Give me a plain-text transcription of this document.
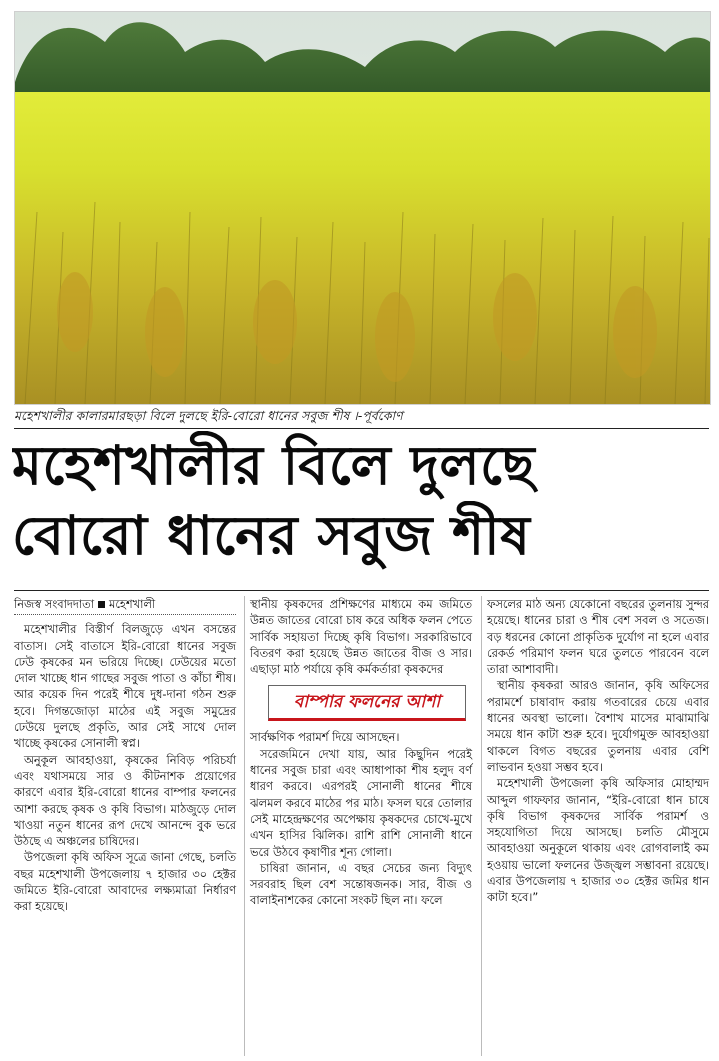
মহেশখালীর কালারমারছড়া বিলে দুলছে ইরি-বোরো ধানের সবুজ শীষ ।-পূর্বকোণ
মহেশখালীর বিলে দুলছে
বোরো ধানের সবুজ শীষ
নিজস্ব সংবাদদাতা মহেশখালী

মহেশখালীর বিস্তীর্ণ বিলজুড়ে এখন বসন্তের বাতাস। সেই বাতাসে ইরি-বোরো ধানের সবুজ ঢেউ কৃষকের মন ভরিয়ে দিচ্ছে। ঢেউয়ের মতো দোল খাচ্ছে ধান গাছের সবুজ পাতা ও কাঁচা শীষ। আর কয়েক দিন পরেই শীষে দুধ-দানা গঠন শুরু হবে। দিগন্তজোড়া মাঠের এই সবুজ সমুদ্রের ঢেউয়ে দুলছে প্রকৃতি, আর সেই সাথে দোল খাচ্ছে কৃষকের সোনালী স্বপ্ন।

অনুকূল আবহাওয়া, কৃষকের নিবিড় পরিচর্যা এবং যথাসময়ে সার ও কীটনাশক প্রয়োগের কারণে এবার ইরি-বোরো ধানের বাম্পার ফলনের আশা করছে কৃষক ও কৃষি বিভাগ। মাঠজুড়ে দোল খাওয়া নতুন ধানের রূপ দেখে আনন্দে বুক ভরে উঠছে এ অঞ্চলের চাষিদের।

উপজেলা কৃষি অফিস সূত্রে জানা গেছে, চলতি বছর মহেশখালী উপজেলায় ৭ হাজার ৩০ হেক্টর জমিতে ইরি-বোরো আবাদের লক্ষ্যমাত্রা নির্ধারণ করা হয়েছে।

স্থানীয় কৃষকদের প্রশিক্ষণের মাধ্যমে কম জমিতে উন্নত জাতের বোরো চাষ করে অধিক ফলন পেতে সার্বিক সহায়তা দিচ্ছে কৃষি বিভাগ। সরকারিভাবে বিতরণ করা হয়েছে উন্নত জাতের বীজ ও সার। এছাড়া মাঠ পর্যায়ে কৃষি কর্মকর্তারা কৃষকদের

বাম্পার ফলনের আশা

সার্বক্ষণিক পরামর্শ দিয়ে আসছেন।

সরেজমিনে দেখা যায়, আর কিছুদিন পরেই ধানের সবুজ চারা এবং আধাপাকা শীষ হলুদ বর্ণ ধারণ করবে। এরপরই সোনালী ধানের শীষে ঝলমল করবে মাঠের পর মাঠ। ফসল ঘরে তোলার সেই মাহেন্দ্রক্ষণের অপেক্ষায় কৃষকদের চোখে-মুখে এখন হাসির ঝিলিক। রাশি রাশি সোনালী ধানে ভরে উঠবে কৃষাণীর শূন্য গোলা।

চাষিরা জানান, এ বছর সেচের জন্য বিদ্যুৎ সরবরাহ ছিল বেশ সন্তোষজনক। সার, বীজ ও বালাইনাশকের কোনো সংকট ছিল না। ফলে

ফসলের মাঠ অন্য যেকোনো বছরের তুলনায় সুন্দর হয়েছে। ধানের চারা ও শীষ বেশ সবল ও সতেজ। বড় ধরনের কোনো প্রাকৃতিক দুর্যোগ না হলে এবার রেকর্ড পরিমাণ ফলন ঘরে তুলতে পারবেন বলে তারা আশাবাদী।

স্থানীয় কৃষকরা আরও জানান, কৃষি অফিসের পরামর্শে চাষাবাদ করায় গতবারের চেয়ে এবার ধানের অবস্থা ভালো। বৈশাখ মাসের মাঝামাঝি সময়ে ধান কাটা শুরু হবে। দুর্যোগমুক্ত আবহাওয়া থাকলে বিগত বছরের তুলনায় এবার বেশি লাভবান হওয়া সম্ভব হবে।

মহেশখালী উপজেলা কৃষি অফিসার মোহাম্মদ আব্দুল গাফফার জানান, “ইরি-বোরো ধান চাষে কৃষি বিভাগ কৃষকদের সার্বিক পরামর্শ ও সহযোগিতা দিয়ে আসছে। চলতি মৌসুমে আবহাওয়া অনুকূলে থাকায় এবং রোগবালাই কম হওয়ায় ভালো ফলনের উজ্জ্বল সম্ভাবনা রয়েছে। এবার উপজেলায় ৭ হাজার ৩০ হেক্টর জমির ধান কাটা হবে।”
